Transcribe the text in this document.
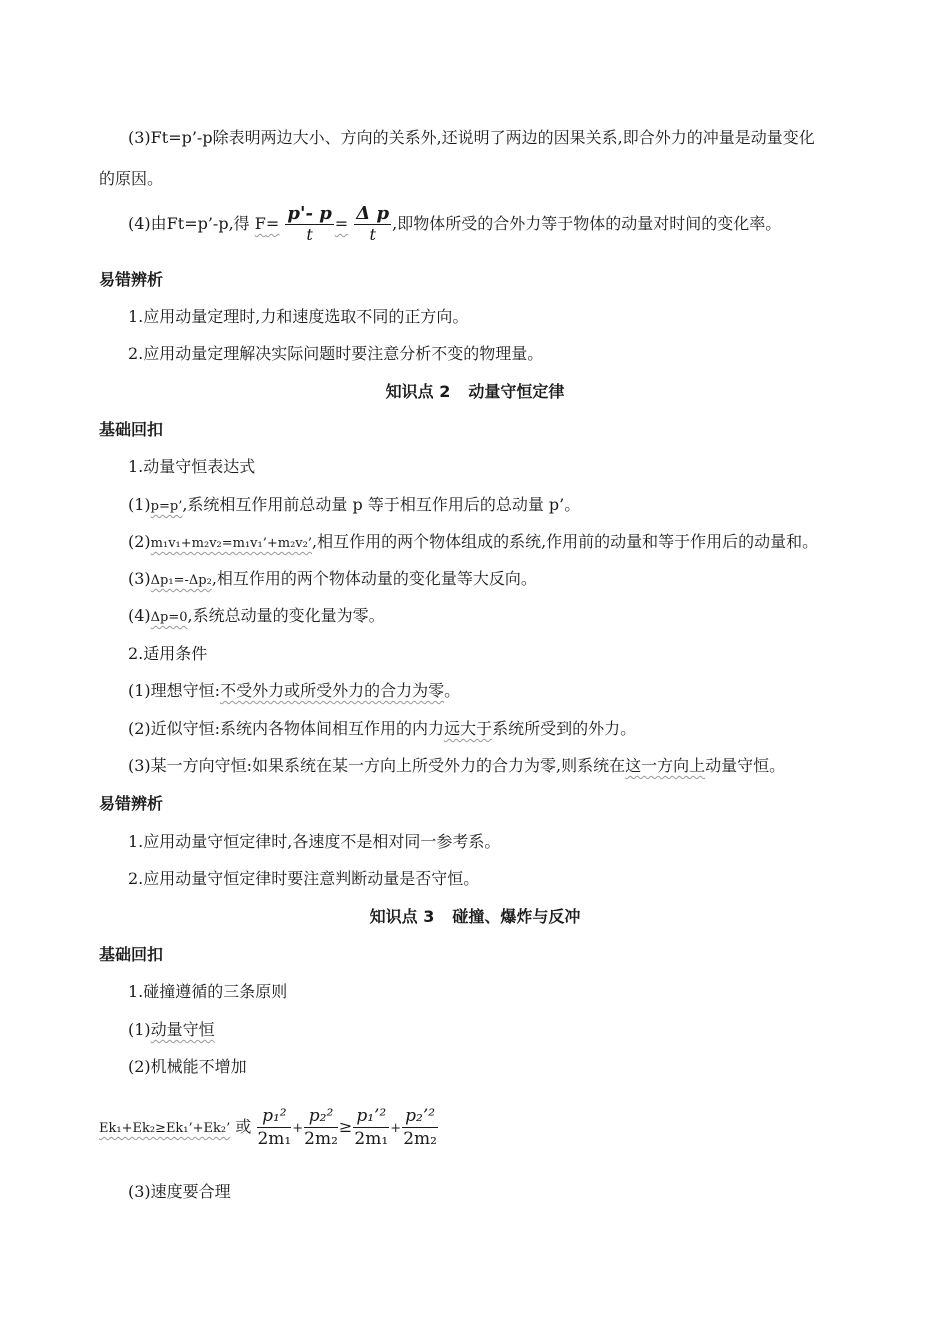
(3)Ft=p’-p除表明两边大小、方向的关系外,还说明了两边的因果关系,即合外力的冲量是动量变化
的原因。
(4)由Ft=p’-p,得 $F= \frac{p'- p}{t} = \frac{\text{Δ p}}{t}$ ,即物体所受的合外力等于物体的动量对时间的变化率。
易错辨析
1.应用动量定理时,力和速度选取不同的正方向。
2.应用动量定理解决实际问题时要注意分析不变的物理量。
知识点 2 动量守恒定律
基础回扣
1.动量守恒表达式
(1)p=p’,系统相互作用前总动量 p 等于相互作用后的总动量 p’。
(2)m₁v₁+m₂v₂=m₁v₁’+m₂v₂’,相互作用的两个物体组成的系统,作用前的动量和等于作用后的动量和。
(3)Δp₁=-Δp₂,相互作用的两个物体动量的变化量等大反向。
(4)Δp=0,系统总动量的变化量为零。
2.适用条件
(1)理想守恒:不受外力或所受外力的合力为零。
(2)近似守恒:系统内各物体间相互作用的内力远大于系统所受到的外力。
(3)某一方向守恒:如果系统在某一方向上所受外力的合力为零,则系统在这一方向上动量守恒。
易错辨析
1.应用动量守恒定律时,各速度不是相对同一参考系。
2.应用动量守恒定律时要注意判断动量是否守恒。
知识点 3 碰撞、爆炸与反冲
基础回扣
1.碰撞遵循的三条原则
(1)动量守恒
(2)机械能不增加
Ek₁+Ek₂≥Ek₁’+Ek₂’ 或 $\frac{\text{p₁²}}{\text{2m₁}} + \frac{\text{p₂²}}{\text{2m₂}} \ge \frac{\text{p₁’²}}{\text{2m₁}} + \frac{\text{p₂’²}}{\text{2m₂}}$
(3)速度要合理
